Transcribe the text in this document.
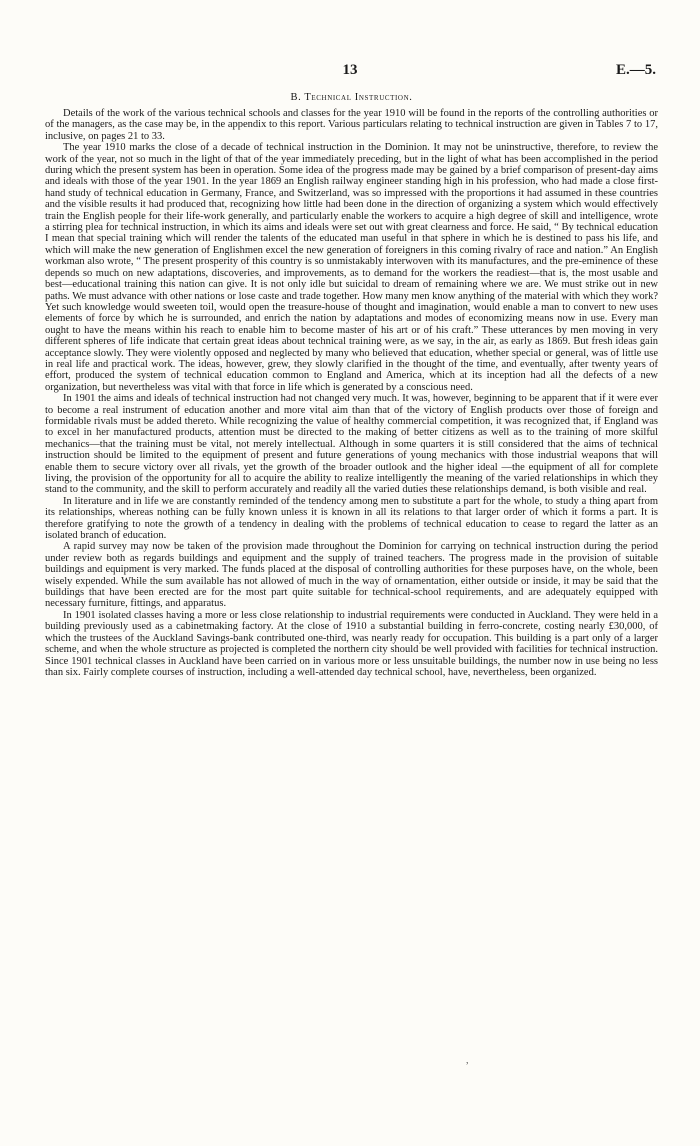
13	E.—5.
B. Technical Instruction.

Details of the work of the various technical schools and classes for the year 1910 will be found in the reports of the controlling authorities or of the managers, as the case may be, in the appendix to this report. Various particulars relating to technical instruction are given in Tables 7 to 17, inclusive, on pages 21 to 33.

The year 1910 marks the close of a decade of technical instruction in the Dominion. It may not be uninstructive, therefore, to review the work of the year, not so much in the light of that of the year immediately preceding, but in the light of what has been accomplished in the period during which the present system has been in operation. Some idea of the progress made may be gained by a brief comparison of present-day aims and ideals with those of the year 1901. In the year 1869 an English railway engineer standing high in his profession, who had made a close first-hand study of technical education in Germany, France, and Switzerland, was so impressed with the proportions it had assumed in these countries and the visible results it had produced that, recognizing how little had been done in the direction of organizing a system which would effectively train the English people for their life-work generally, and particularly enable the workers to acquire a high degree of skill and intelligence, wrote a stirring plea for technical instruction, in which its aims and ideals were set out with great clearness and force. He said, “ By technical education I mean that special training which will render the talents of the educated man useful in that sphere in which he is destined to pass his life, and which will make the new generation of Englishmen excel the new generation of foreigners in this coming rivalry of race and nation.” An English workman also wrote, “ The present prosperity of this country is so unmistakably interwoven with its manufactures, and the pre-eminence of these depends so much on new adaptations, discoveries, and improvements, as to demand for the workers the readiest—that is, the most usable and best—educational training this nation can give. It is not only idle but suicidal to dream of remaining where we are. We must strike out in new paths. We must advance with other nations or lose caste and trade together. How many men know anything of the material with which they work? Yet such knowledge would sweeten toil, would open the treasure-house of thought and imagination, would enable a man to convert to new uses elements of force by which he is surrounded, and enrich the nation by adaptations and modes of economizing means now in use. Every man ought to have the means within his reach to enable him to become master of his art or of his craft.” These utterances by men moving in very different spheres of life indicate that certain great ideas about technical training were, as we say, in the air, as early as 1869. But fresh ideas gain acceptance slowly. They were violently opposed and neglected by many who believed that education, whether special or general, was of little use in real life and practical work. The ideas, however, grew, they slowly clarified in the thought of the time, and eventually, after twenty years of effort, produced the system of technical education common to England and America, which at its inception had all the defects of a new organization, but nevertheless was vital with that force in life which is generated by a conscious need.

In 1901 the aims and ideals of technical instruction had not changed very much. It was, however, beginning to be apparent that if it were ever to become a real instrument of education another and more vital aim than that of the victory of English products over those of foreign and formidable rivals must be added thereto. While recognizing the value of healthy commercial competition, it was recognized that, if England was to excel in her manufactured products, attention must be directed to the making of better citizens as well as to the training of more skilful mechanics—that the training must be vital, not merely intellectual. Although in some quarters it is still considered that the aims of technical instruction should be limited to the equipment of present and future generations of young mechanics with those industrial weapons that will enable them to secure victory over all rivals, yet the growth of the broader outlook and the higher ideal —the equipment of all for complete living, the provision of the opportunity for all to acquire the ability to realize intelligently the meaning of the varied relationships in which they stand to the community, and the skill to perform accurately and readily all the varied duties these relationships demand, is both visible and real.

In literature and in life we are constantly reminded of the tendency among men to substitute a part for the whole, to study a thing apart from its relationships, whereas nothing can be fully known unless it is known in all its relations to that larger order of which it forms a part. It is therefore gratifying to note the growth of a tendency in dealing with the problems of technical education to cease to regard the latter as an isolated branch of education.

A rapid survey may now be taken of the provision made throughout the Dominion for carrying on technical instruction during the period under review both as regards buildings and equipment and the supply of trained teachers. The progress made in the provision of suitable buildings and equipment is very marked. The funds placed at the disposal of controlling authorities for these purposes have, on the whole, been wisely expended. While the sum available has not allowed of much in the way of ornamentation, either outside or inside, it may be said that the buildings that have been erected are for the most part quite suitable for technical-school requirements, and are adequately equipped with necessary furniture, fittings, and apparatus.

In 1901 isolated classes having a more or less close relationship to industrial requirements were conducted in Auckland. They were held in a building previously used as a cabinetmaking factory. At the close of 1910 a substantial building in ferro-concrete, costing nearly £30,000, of which the trustees of the Auckland Savings-bank contributed one-third, was nearly ready for occupation. This building is a part only of a larger scheme, and when the whole structure as projected is completed the northern city should be well provided with facilities for technical instruction. Since 1901 technical classes in Auckland have been carried on in various more or less unsuitable buildings, the number now in use being no less than six. Fairly complete courses of instruction, including a well-attended day technical school, have, nevertheless, been organized.

,
